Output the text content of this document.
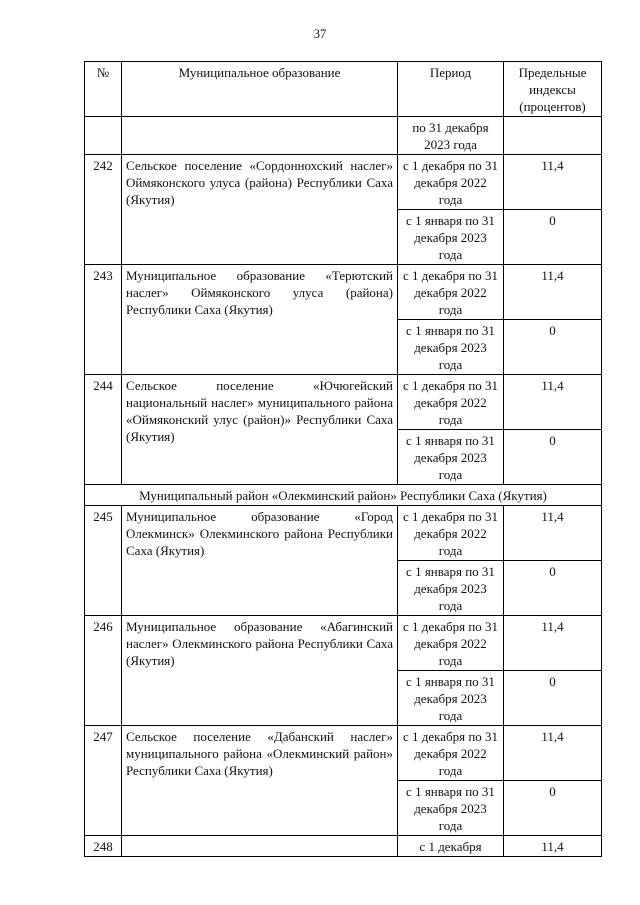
37
№	Муниципальное образование	Период	Предельные индексы (процентов)
		по 31 декабря 2023 года	
242	Сельское поселение «Сордоннохский наслег» Оймяконского улуса (района) Республики Саха (Якутия)	с 1 декабря по 31 декабря 2022 года	11,4
		с 1 января по 31 декабря 2023 года	0
243	Муниципальное образование «Терютский наслег» Оймяконского улуса (района) Республики Саха (Якутия)	с 1 декабря по 31 декабря 2022 года	11,4
		с 1 января по 31 декабря 2023 года	0
244	Сельское поселение «Ючюгейский национальный наслег» муниципального района «Оймяконский улус (район)» Республики Саха (Якутия)	с 1 декабря по 31 декабря 2022 года	11,4
		с 1 января по 31 декабря 2023 года	0
Муниципальный район «Олекминский район» Республики Саха (Якутия)			
245	Муниципальное образование «Город Олекминск» Олекминского района Республики Саха (Якутия)	с 1 декабря по 31 декабря 2022 года	11,4
		с 1 января по 31 декабря 2023 года	0
246	Муниципальное образование «Абагинский наслег» Олекминского района Республики Саха (Якутия)	с 1 декабря по 31 декабря 2022 года	11,4
		с 1 января по 31 декабря 2023 года	0
247	Сельское поселение «Дабанский наслег» муниципального района «Олекминский район» Республики Саха (Якутия)	с 1 декабря по 31 декабря 2022 года	11,4
		с 1 января по 31 декабря 2023 года	0
248		с 1 декабря	11,4
